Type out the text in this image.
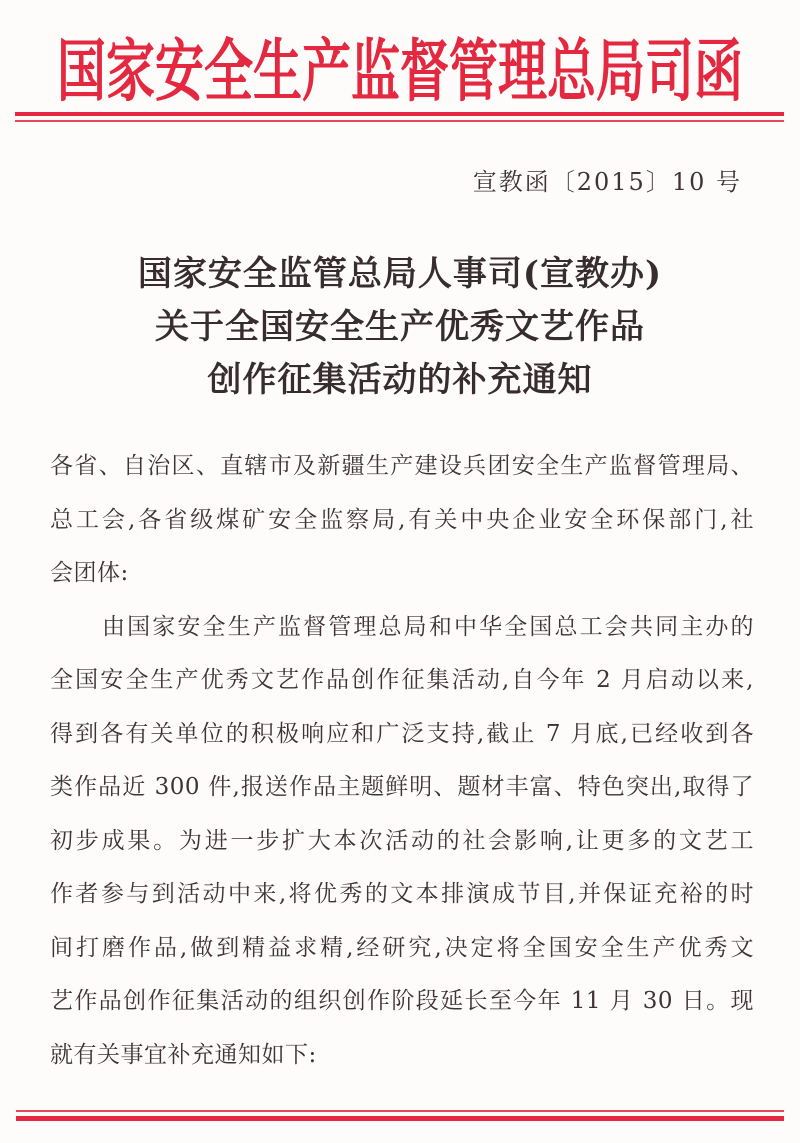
国家安全生产监督管理总局司函
宣教函〔2015〕10 号
国家安全监管总局人事司(宣教办)
关于全国安全生产优秀文艺作品
创作征集活动的补充通知
各省、自治区、直辖市及新疆生产建设兵团安全生产监督管理局、
总工会,各省级煤矿安全监察局,有关中央企业安全环保部门,社
会团体:
由国家安全生产监督管理总局和中华全国总工会共同主办的
全国安全生产优秀文艺作品创作征集活动,自今年 2 月启动以来,
得到各有关单位的积极响应和广泛支持,截止 7 月底,已经收到各
类作品近 300 件,报送作品主题鲜明、题材丰富、特色突出,取得了
初步成果。为进一步扩大本次活动的社会影响,让更多的文艺工
作者参与到活动中来,将优秀的文本排演成节目,并保证充裕的时
间打磨作品,做到精益求精,经研究,决定将全国安全生产优秀文
艺作品创作征集活动的组织创作阶段延长至今年 11 月 30 日。现
就有关事宜补充通知如下:
